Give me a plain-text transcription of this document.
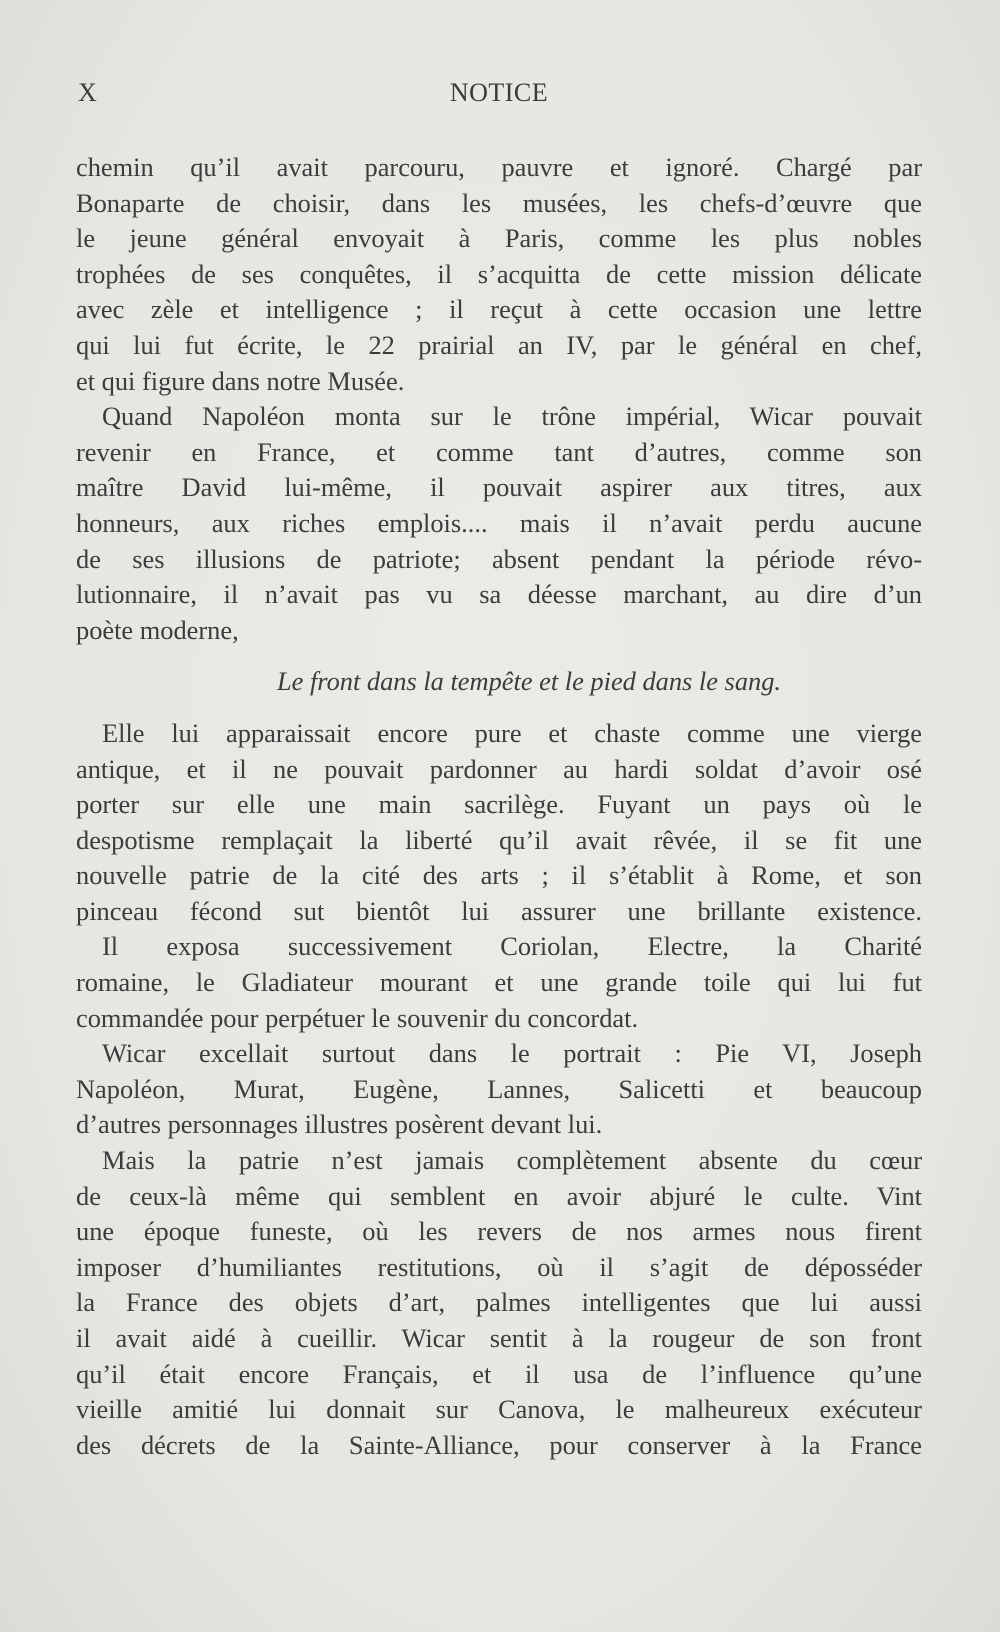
X	NOTICE
chemin qu’il avait parcouru, pauvre et ignoré. Chargé par
Bonaparte de choisir, dans les musées, les chefs-d’œuvre que
le jeune général envoyait à Paris, comme les plus nobles
trophées de ses conquêtes, il s’acquitta de cette mission délicate
avec zèle et intelligence ; il reçut à cette occasion une lettre
qui lui fut écrite, le 22 prairial an IV, par le général en chef,
et qui figure dans notre Musée.
Quand Napoléon monta sur le trône impérial, Wicar pouvait
revenir en France, et comme tant d’autres, comme son
maître David lui-même, il pouvait aspirer aux titres, aux
honneurs, aux riches emplois.... mais il n’avait perdu aucune
de ses illusions de patriote; absent pendant la période révo-
lutionnaire, il n’avait pas vu sa déesse marchant, au dire d’un
poète moderne,
Le front dans la tempête et le pied dans le sang.
Elle lui apparaissait encore pure et chaste comme une vierge
antique, et il ne pouvait pardonner au hardi soldat d’avoir osé
porter sur elle une main sacrilège. Fuyant un pays où le
despotisme remplaçait la liberté qu’il avait rêvée, il se fit une
nouvelle patrie de la cité des arts ; il s’établit à Rome, et son
pinceau fécond sut bientôt lui assurer une brillante existence.
Il exposa successivement Coriolan, Electre, la Charité
romaine, le Gladiateur mourant et une grande toile qui lui fut
commandée pour perpétuer le souvenir du concordat.
Wicar excellait surtout dans le portrait : Pie VI, Joseph
Napoléon, Murat, Eugène, Lannes, Salicetti et beaucoup
d’autres personnages illustres posèrent devant lui.
Mais la patrie n’est jamais complètement absente du cœur
de ceux-là même qui semblent en avoir abjuré le culte. Vint
une époque funeste, où les revers de nos armes nous firent
imposer d’humiliantes restitutions, où il s’agit de déposséder
la France des objets d’art, palmes intelligentes que lui aussi
il avait aidé à cueillir. Wicar sentit à la rougeur de son front
qu’il était encore Français, et il usa de l’influence qu’une
vieille amitié lui donnait sur Canova, le malheureux exécuteur
des décrets de la Sainte-Alliance, pour conserver à la France
